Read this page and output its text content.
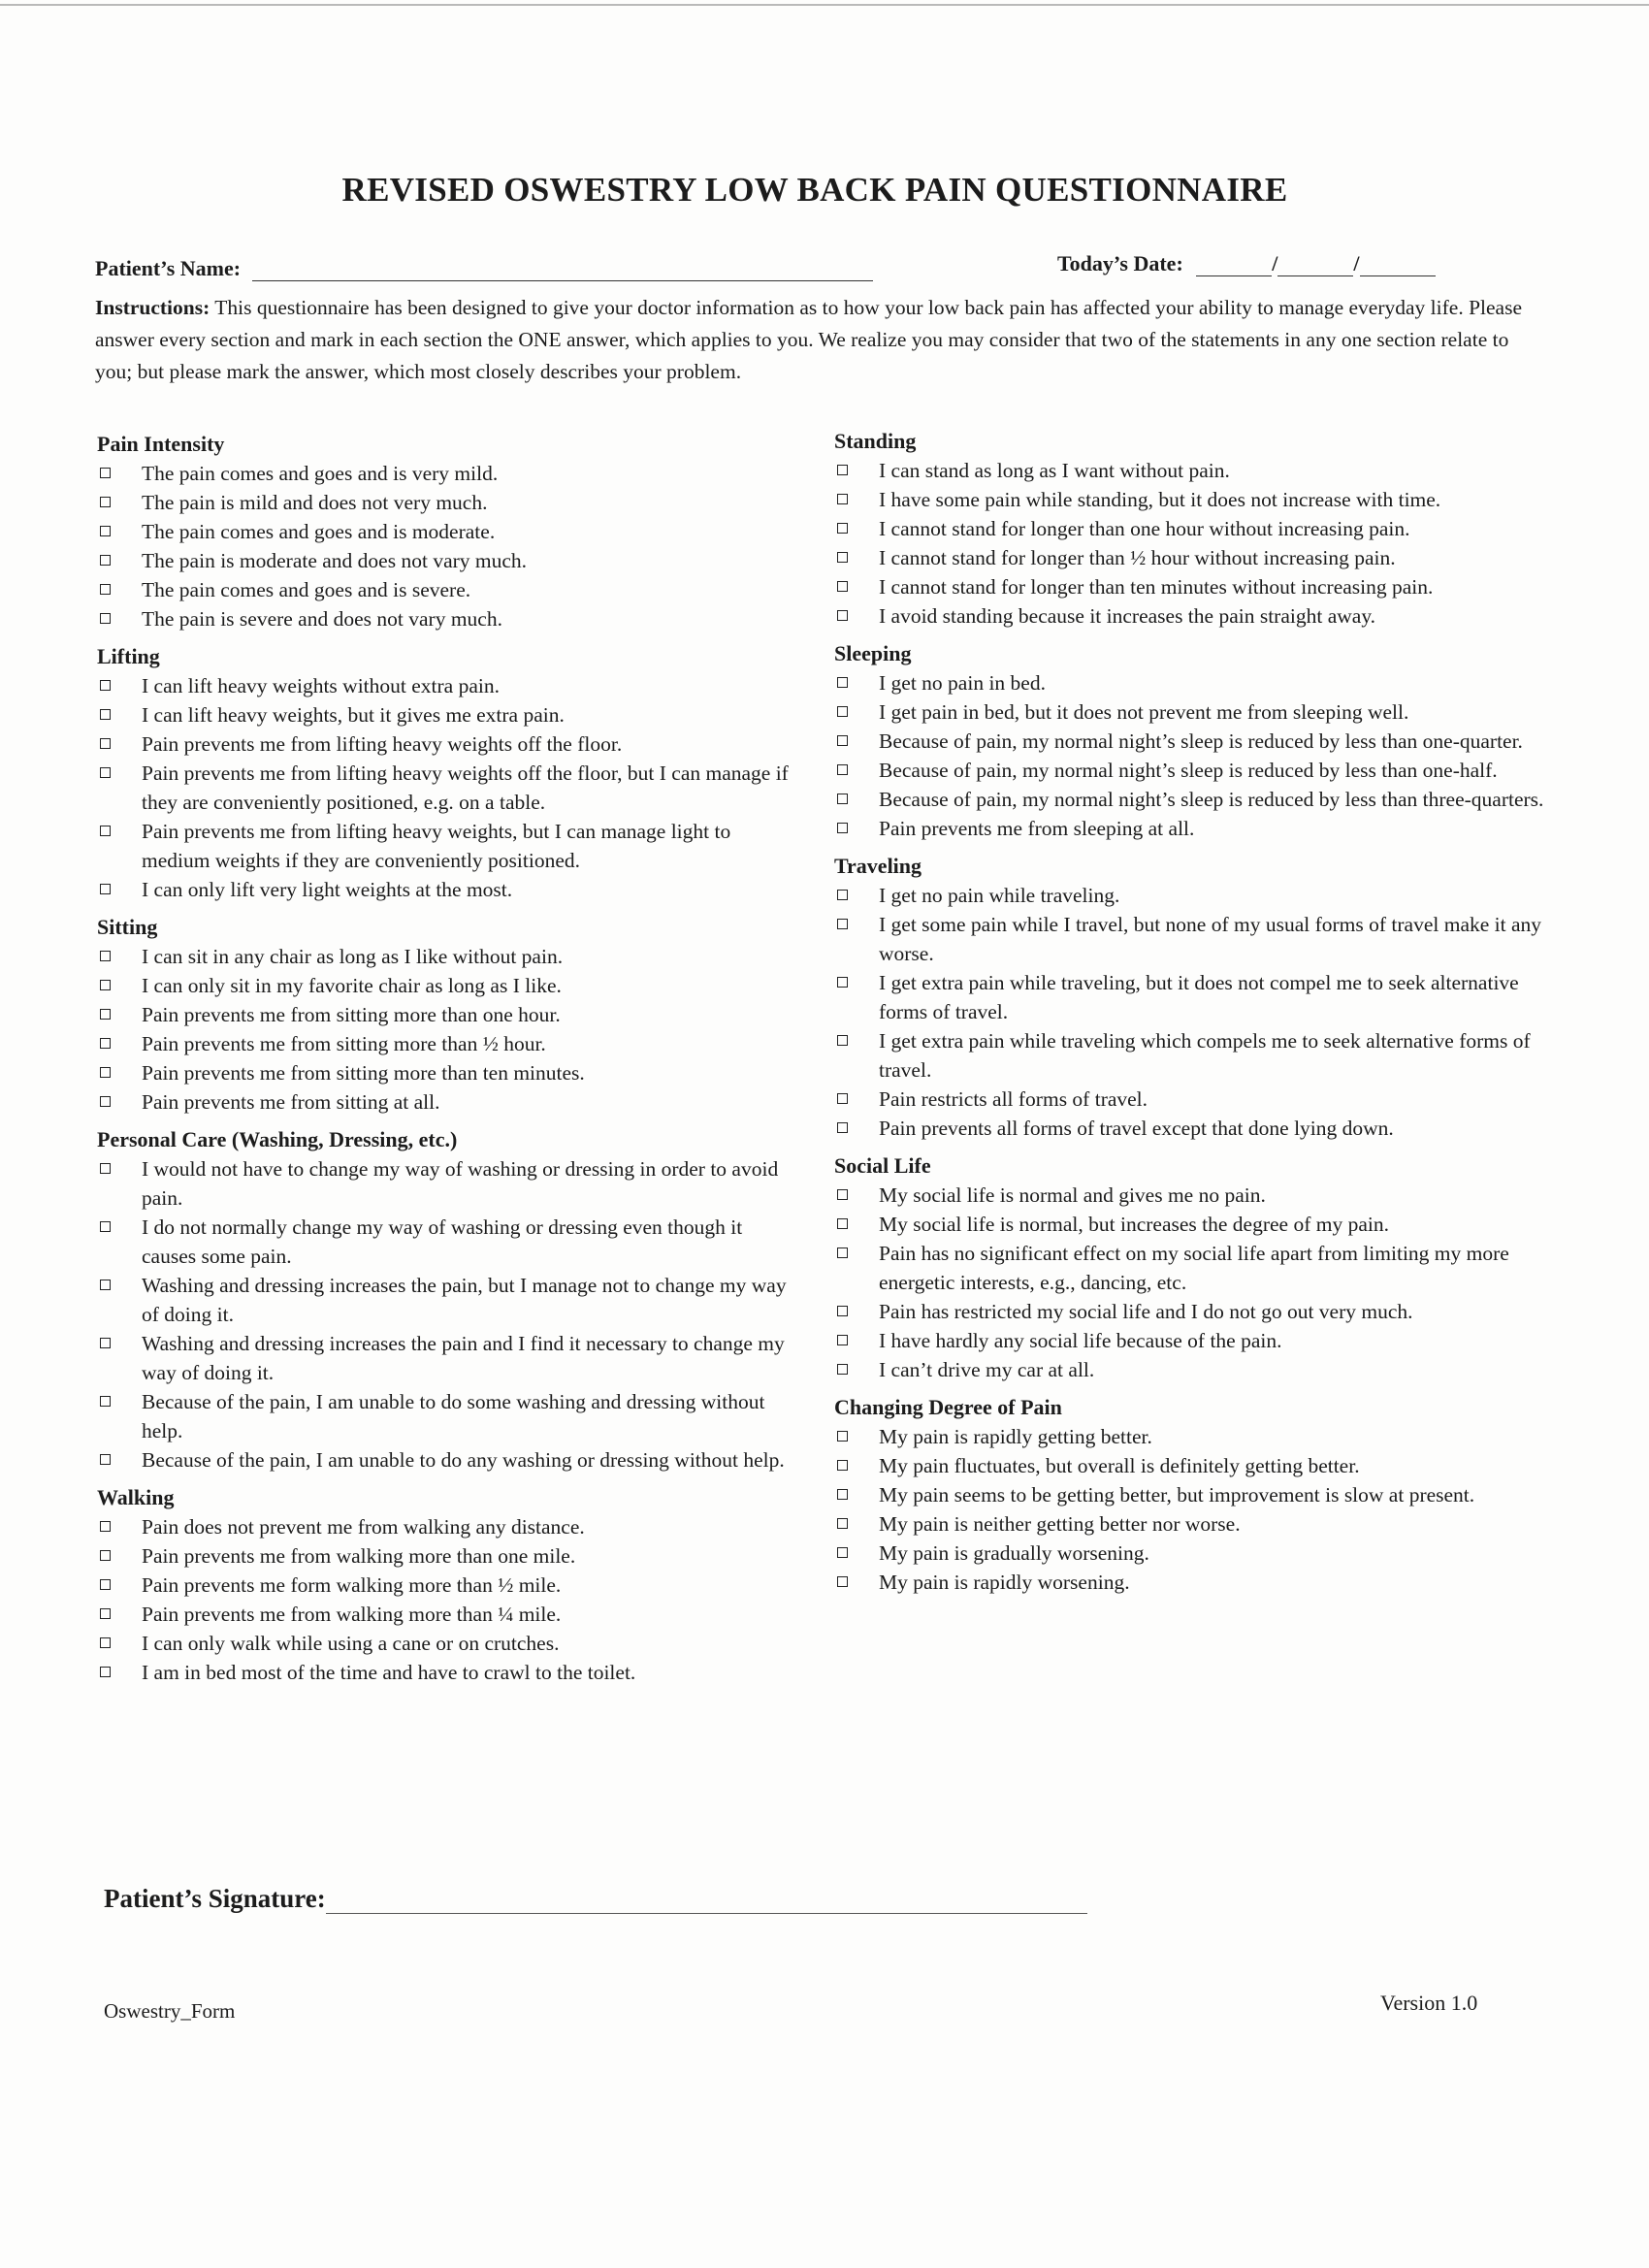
REVISED OSWESTRY LOW BACK PAIN QUESTIONNAIRE
Patient’s Name:	Today’s Date:	/	/
Instructions: This questionnaire has been designed to give your doctor information as to how your low back pain has affected your ability to manage everyday life. Please answer every section and mark in each section the ONE answer, which applies to you. We realize you may consider that two of the statements in any one section relate to you; but please mark the answer, which most closely describes your problem.
Pain Intensity
The pain comes and goes and is very mild.
The pain is mild and does not very much.
The pain comes and goes and is moderate.
The pain is moderate and does not vary much.
The pain comes and goes and is severe.
The pain is severe and does not vary much.
Lifting
I can lift heavy weights without extra pain.
I can lift heavy weights, but it gives me extra pain.
Pain prevents me from lifting heavy weights off the floor.
Pain prevents me from lifting heavy weights off the floor, but I can manage if they are conveniently positioned, e.g. on a table.
Pain prevents me from lifting heavy weights, but I can manage light to medium weights if they are conveniently positioned.
I can only lift very light weights at the most.
Sitting
I can sit in any chair as long as I like without pain.
I can only sit in my favorite chair as long as I like.
Pain prevents me from sitting more than one hour.
Pain prevents me from sitting more than ½ hour.
Pain prevents me from sitting more than ten minutes.
Pain prevents me from sitting at all.
Personal Care (Washing, Dressing, etc.)
I would not have to change my way of washing or dressing in order to avoid pain.
I do not normally change my way of washing or dressing even though it causes some pain.
Washing and dressing increases the pain, but I manage not to change my way of doing it.
Washing and dressing increases the pain and I find it necessary to change my way of doing it.
Because of the pain, I am unable to do some washing and dressing without help.
Because of the pain, I am unable to do any washing or dressing without help.
Walking
Pain does not prevent me from walking any distance.
Pain prevents me from walking more than one mile.
Pain prevents me form walking more than ½ mile.
Pain prevents me from walking more than ¼ mile.
I can only walk while using a cane or on crutches.
I am in bed most of the time and have to crawl to the toilet.
Standing
I can stand as long as I want without pain.
I have some pain while standing, but it does not increase with time.
I cannot stand for longer than one hour without increasing pain.
I cannot stand for longer than ½ hour without increasing pain.
I cannot stand for longer than ten minutes without increasing pain.
I avoid standing because it increases the pain straight away.
Sleeping
I get no pain in bed.
I get pain in bed, but it does not prevent me from sleeping well.
Because of pain, my normal night’s sleep is reduced by less than one-quarter.
Because of pain, my normal night’s sleep is reduced by less than one-half.
Because of pain, my normal night’s sleep is reduced by less than three-quarters.
Pain prevents me from sleeping at all.
Traveling
I get no pain while traveling.
I get some pain while I travel, but none of my usual forms of travel make it any worse.
I get extra pain while traveling, but it does not compel me to seek alternative forms of travel.
I get extra pain while traveling which compels me to seek alternative forms of travel.
Pain restricts all forms of travel.
Pain prevents all forms of travel except that done lying down.
Social Life
My social life is normal and gives me no pain.
My social life is normal, but increases the degree of my pain.
Pain has no significant effect on my social life apart from limiting my more energetic interests, e.g., dancing, etc.
Pain has restricted my social life and I do not go out very much.
I have hardly any social life because of the pain.
I can’t drive my car at all.
Changing Degree of Pain
My pain is rapidly getting better.
My pain fluctuates, but overall is definitely getting better.
My pain seems to be getting better, but improvement is slow at present.
My pain is neither getting better nor worse.
My pain is gradually worsening.
My pain is rapidly worsening.
Patient’s Signature:
Oswestry_Form	Version 1.0
